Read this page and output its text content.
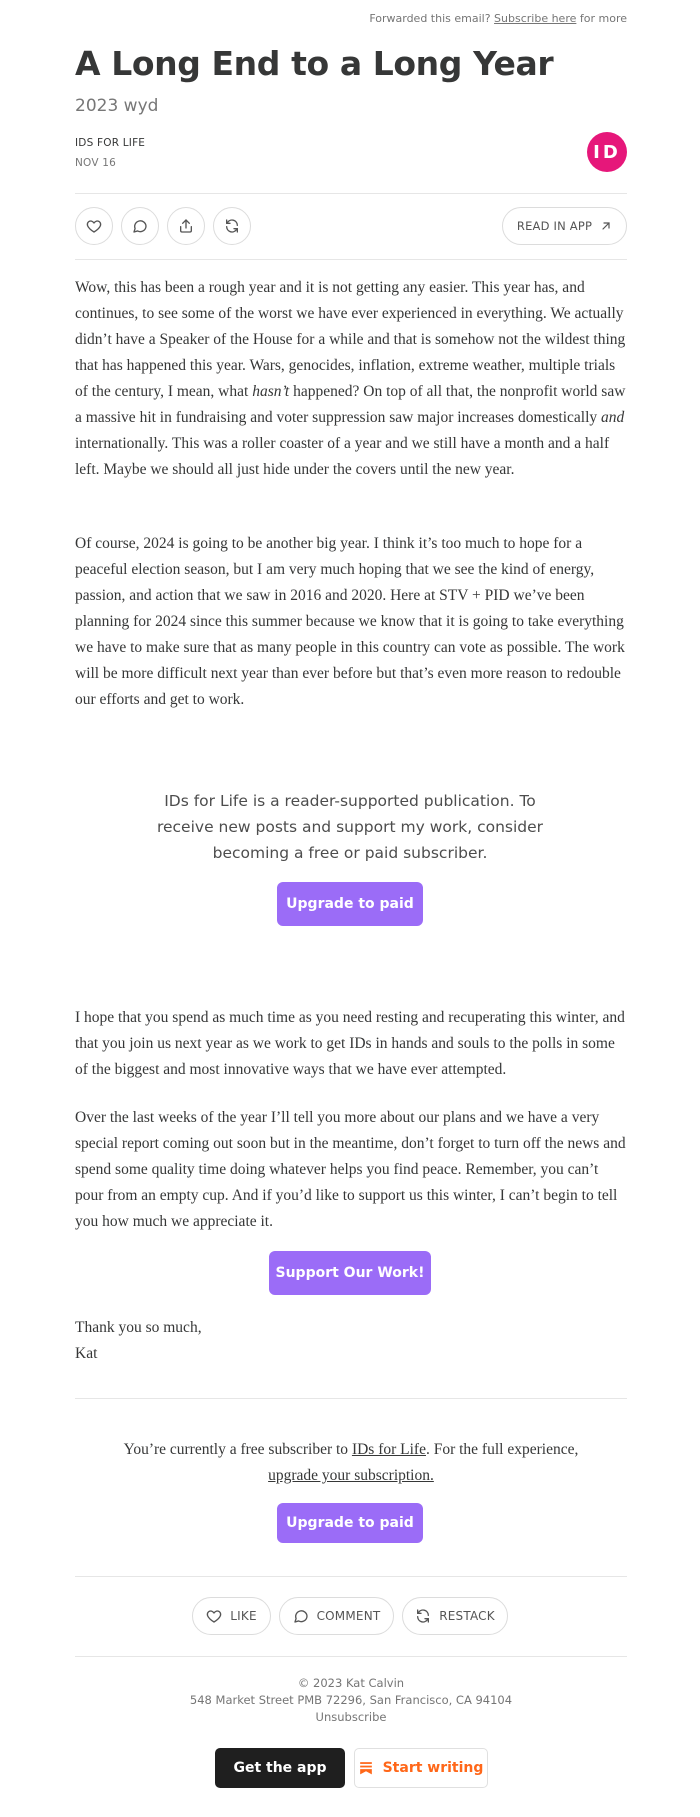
Forwarded this email? Subscribe here for more
A Long End to a Long Year
2023 wyd
IDS FOR LIFE
NOV 16
ID
READ IN APP

Wow, this has been a rough year and it is not getting any easier. This year has, and continues, to see some of the worst we have ever experienced in everything. We actually didn’t have a Speaker of the House for a while and that is somehow not the wildest thing that has happened this year. Wars, genocides, inflation, extreme weather, multiple trials of the century, I mean, what hasn’t happened? On top of all that, the nonprofit world saw a massive hit in fundraising and voter suppression saw major increases domestically and internationally. This was a roller coaster of a year and we still have a month and a half left. Maybe we should all just hide under the covers until the new year.

Of course, 2024 is going to be another big year. I think it’s too much to hope for a peaceful election season, but I am very much hoping that we see the kind of energy, passion, and action that we saw in 2016 and 2020. Here at STV + PID we’ve been planning for 2024 since this summer because we know that it is going to take everything we have to make sure that as many people in this country can vote as possible. The work will be more difficult next year than ever before but that’s even more reason to redouble our efforts and get to work.

IDs for Life is a reader-supported publication. To receive new posts and support my work, consider becoming a free or paid subscriber.
Upgrade to paid

I hope that you spend as much time as you need resting and recuperating this winter, and that you join us next year as we work to get IDs in hands and souls to the polls in some of the biggest and most innovative ways that we have ever attempted.

Over the last weeks of the year I’ll tell you more about our plans and we have a very special report coming out soon but in the meantime, don’t forget to turn off the news and spend some quality time doing whatever helps you find peace. Remember, you can’t pour from an empty cup. And if you’d like to support us this winter, I can’t begin to tell you how much we appreciate it.

Support Our Work!

Thank you so much,

Kat

You’re currently a free subscriber to IDs for Life. For the full experience,
upgrade your subscription.
Upgrade to paid
LIKE	COMMENT	RESTACK
© 2023 Kat Calvin
548 Market Street PMB 72296, San Francisco, CA 94104
Unsubscribe
Get the app	Start writing
